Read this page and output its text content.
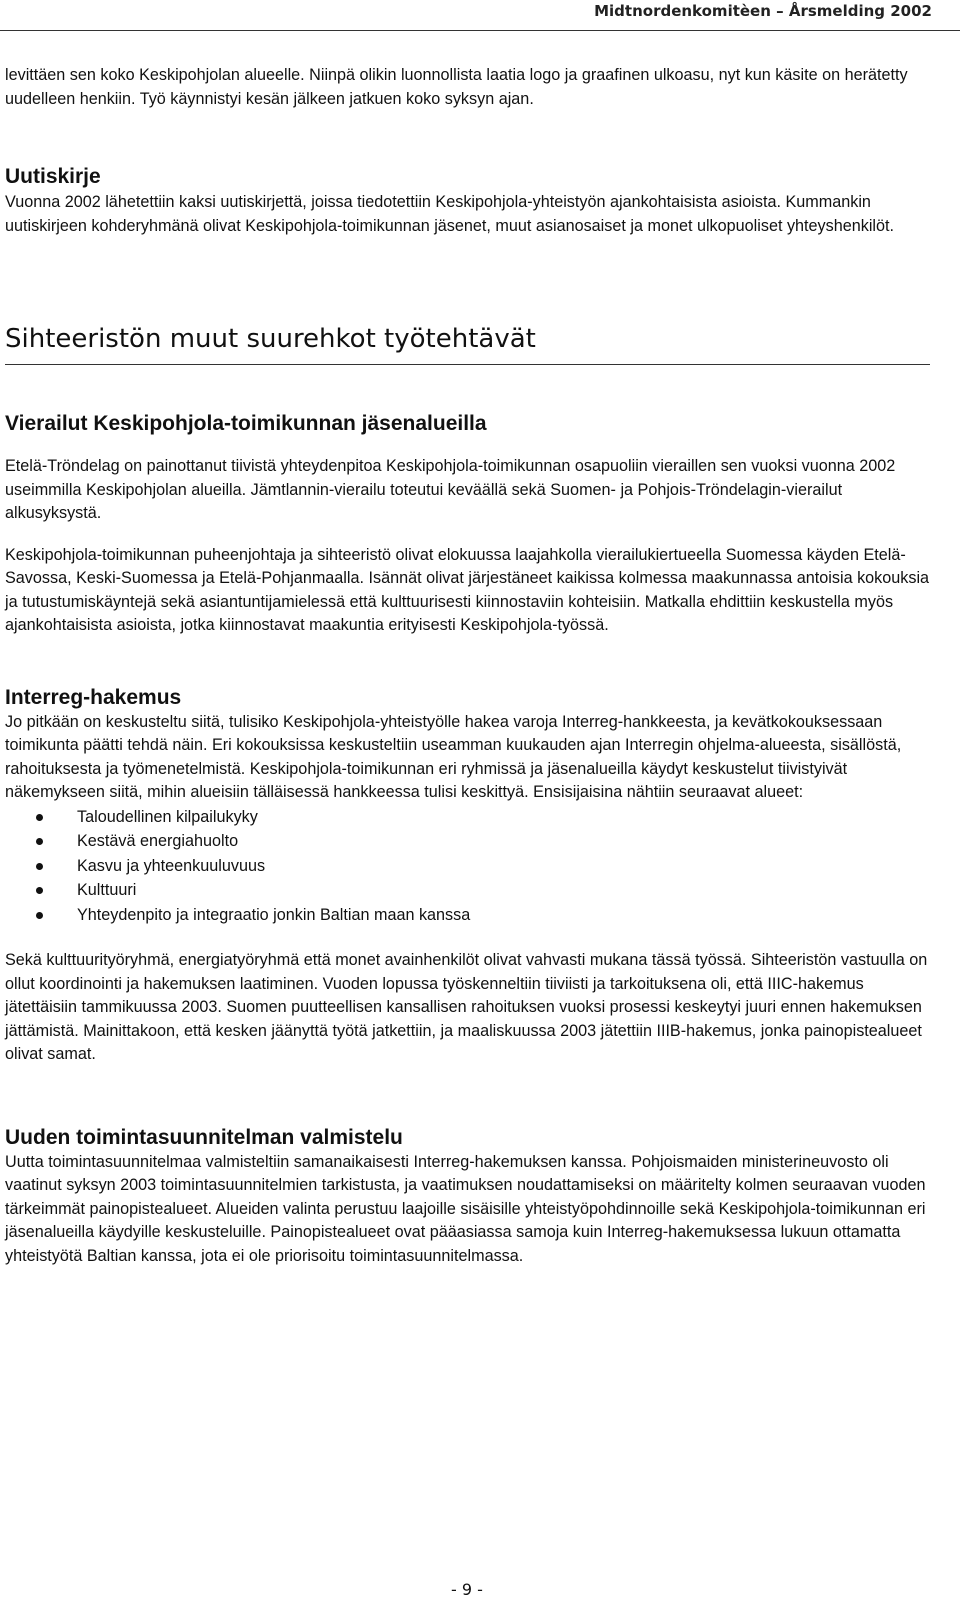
Midtnordenkomitèen – Årsmelding 2002

levittäen sen koko Keskipohjolan alueelle. Niinpä olikin luonnollista laatia logo ja graafinen ulkoasu, nyt kun käsite on herätetty uudelleen henkiin. Työ käynnistyi kesän jälkeen jatkuen koko syksyn ajan.

Uutiskirje

Vuonna 2002 lähetettiin kaksi uutiskirjettä, joissa tiedotettiin Keskipohjola-yhteistyön ajankohtaisista asioista. Kummankin uutiskirjeen kohderyhmänä olivat Keskipohjola-toimikunnan jäsenet, muut asianosaiset ja monet ulkopuoliset yhteyshenkilöt.

Sihteeristön muut suurehkot työtehtävät
Vierailut Keskipohjola-toimikunnan jäsenalueilla

Etelä-Tröndelag on painottanut tiivistä yhteydenpitoa Keskipohjola-toimikunnan osapuoliin vieraillen sen vuoksi vuonna 2002 useimmilla Keskipohjolan alueilla. Jämtlannin-vierailu toteutui keväällä sekä Suomen- ja Pohjois-Tröndelagin-vierailut alkusyksystä.

Keskipohjola-toimikunnan puheenjohtaja ja sihteeristö olivat elokuussa laajahkolla vierailukiertueella Suomessa käyden Etelä-Savossa, Keski-Suomessa ja Etelä-Pohjanmaalla. Isännät olivat järjestäneet kaikissa kolmessa maakunnassa antoisia kokouksia ja tutustumiskäyntejä sekä asiantuntijamielessä että kulttuurisesti kiinnostaviin kohteisiin. Matkalla ehdittiin keskustella myös ajankohtaisista asioista, jotka kiinnostavat maakuntia erityisesti Keskipohjola-työssä.

Interreg-hakemus

Jo pitkään on keskusteltu siitä, tulisiko Keskipohjola-yhteistyölle hakea varoja Interreg-hankkeesta, ja kevätkokouksessaan toimikunta päätti tehdä näin. Eri kokouksissa keskusteltiin useamman kuukauden ajan Interregin ohjelma-alueesta, sisällöstä, rahoituksesta ja työmenetelmistä. Keskipohjola-toimikunnan eri ryhmissä ja jäsenalueilla käydyt keskustelut tiivistyivät näkemykseen siitä, mihin alueisiin tälläisessä hankkeessa tulisi keskittyä. Ensisijaisina nähtiin seuraavat alueet:

Taloudellinen kilpailukyky
Kestävä energiahuolto
Kasvu ja yhteenkuuluvuus
Kulttuuri
Yhteydenpito ja integraatio jonkin Baltian maan kanssa

Sekä kulttuurityöryhmä, energiatyöryhmä että monet avainhenkilöt olivat vahvasti mukana tässä työssä. Sihteeristön vastuulla on ollut koordinointi ja hakemuksen laatiminen. Vuoden lopussa työskenneltiin tiiviisti ja tarkoituksena oli, että IIIC-hakemus jätettäisiin tammikuussa 2003. Suomen puutteellisen kansallisen rahoituksen vuoksi prosessi keskeytyi juuri ennen hakemuksen jättämistä. Mainittakoon, että kesken jäänyttä työtä jatkettiin, ja maaliskuussa 2003 jätettiin IIIB-hakemus, jonka painopistealueet olivat samat.

Uuden toimintasuunnitelman valmistelu

Uutta toimintasuunnitelmaa valmisteltiin samanaikaisesti Interreg-hakemuksen kanssa. Pohjoismaiden ministerineuvosto oli vaatinut syksyn 2003 toimintasuunnitelmien tarkistusta, ja vaatimuksen noudattamiseksi on määritelty kolmen seuraavan vuoden tärkeimmät painopistealueet. Alueiden valinta perustuu laajoille sisäisille yhteistyöpohdinnoille sekä Keskipohjola-toimikunnan eri jäsenalueilla käydyille keskusteluille. Painopistealueet ovat pääasiassa samoja kuin Interreg-hakemuksessa lukuun ottamatta yhteistyötä Baltian kanssa, jota ei ole priorisoitu toimintasuunnitelmassa.

- 9 -
